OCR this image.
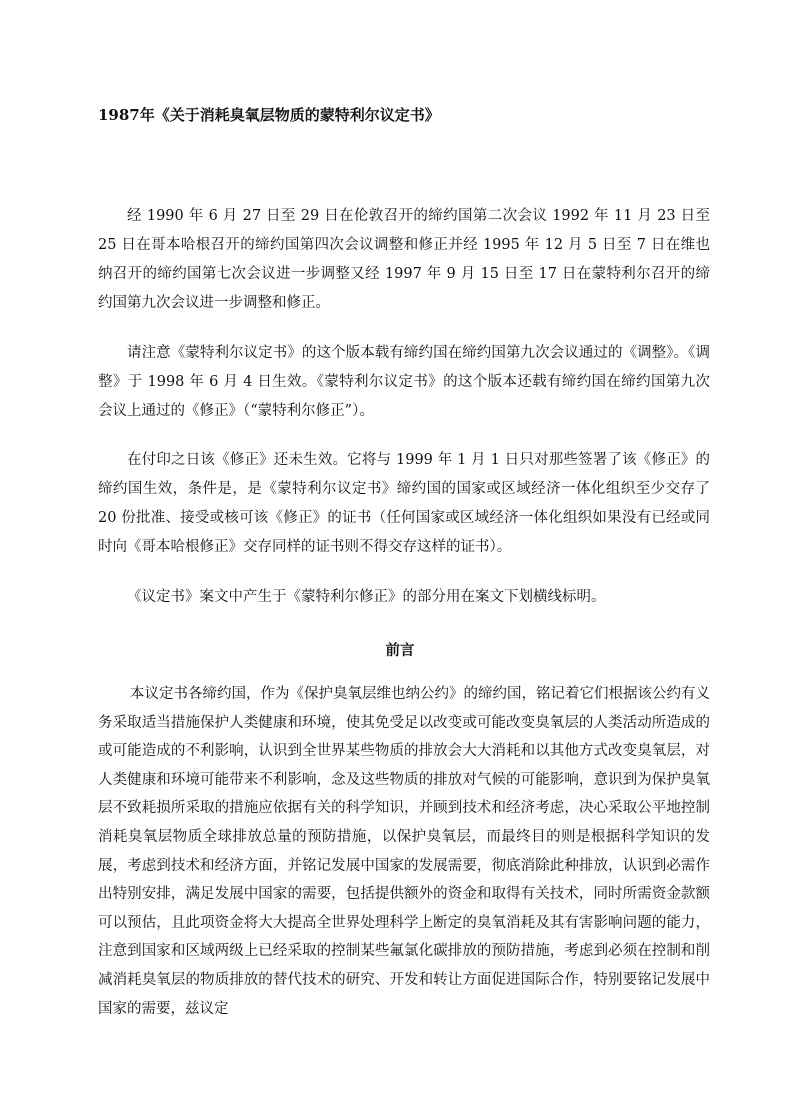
1987年《关于消耗臭氧层物质的蒙特利尔议定书》

经 1990 年 6 月 27 日至 29 日在伦敦召开的缔约国第二次会议 1992 年 11 月 23 日至 25 日在哥本哈根召开的缔约国第四次会议调整和修正并经 1995 年 12 月 5 日至 7 日在维也纳召开的缔约国第七次会议进一步调整又经 1997 年 9 月 15 日至 17 日在蒙特利尔召开的缔约国第九次会议进一步调整和修正。

请注意《蒙特利尔议定书》的这个版本载有缔约国在缔约国第九次会议通过的《调整》。《调整》于 1998 年 6 月 4 日生效。《蒙特利尔议定书》的这个版本还载有缔约国在缔约国第九次会议上通过的《修正》（“蒙特利尔修正”）。

在付印之日该《修正》还未生效。它将与 1999 年 1 月 1 日只对那些签署了该《修正》的缔约国生效，条件是，是《蒙特利尔议定书》缔约国的国家或区域经济一体化组织至少交存了 20 份批准、接受或核可该《修正》的证书（任何国家或区域经济一体化组织如果没有已经或同时向《哥本哈根修正》交存同样的证书则不得交存这样的证书）。

《议定书》案文中产生于《蒙特利尔修正》的部分用在案文下划横线标明。

前言

本议定书各缔约国，作为《保护臭氧层维也纳公约》的缔约国，铭记着它们根据该公约有义务采取适当措施保护人类健康和环境，使其免受足以改变或可能改变臭氧层的人类活动所造成的或可能造成的不利影响，认识到全世界某些物质的排放会大大消耗和以其他方式改变臭氧层，对人类健康和环境可能带来不利影响，念及这些物质的排放对气候的可能影响，意识到为保护臭氧层不致耗损所采取的措施应依据有关的科学知识，并顾到技术和经济考虑，决心采取公平地控制消耗臭氧层物质全球排放总量的预防措施，以保护臭氧层，而最终目的则是根据科学知识的发展，考虑到技术和经济方面，并铭记发展中国家的发展需要，彻底消除此种排放，认识到必需作出特别安排，满足发展中国家的需要，包括提供额外的资金和取得有关技术，同时所需资金款额可以预估，且此项资金将大大提高全世界处理科学上断定的臭氧消耗及其有害影响问题的能力，注意到国家和区域两级上已经采取的控制某些氟氯化碳排放的预防措施，考虑到必须在控制和削减消耗臭氧层的物质排放的替代技术的研究、开发和转让方面促进国际合作，特别要铭记发展中国家的需要，兹议定
